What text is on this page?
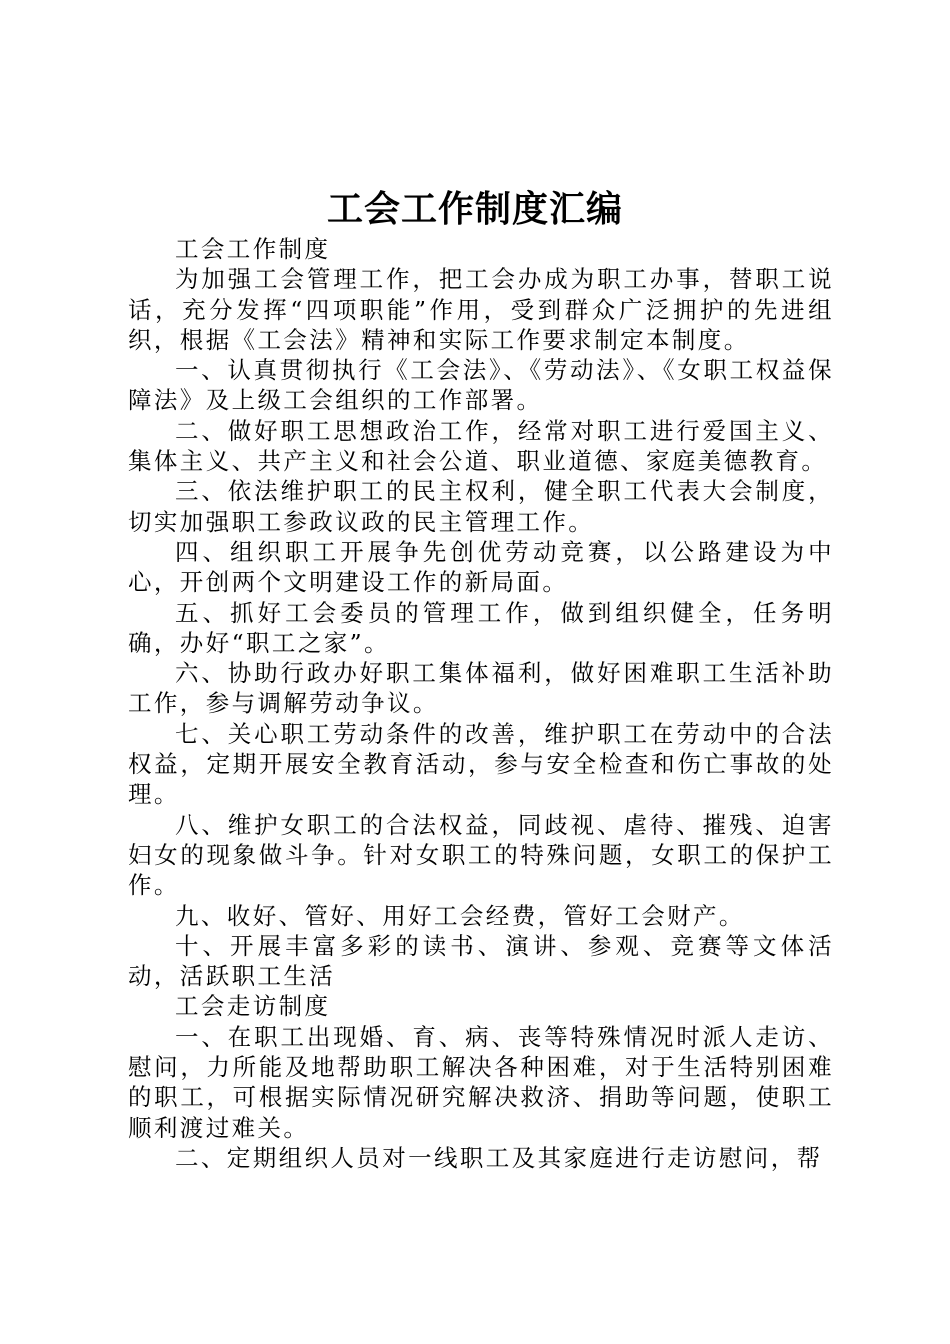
工会工作制度汇编

工会工作制度

为加强工会管理工作，把工会办成为职工办事，替职工说话，充分发挥“四项职能”作用，受到群众广泛拥护的先进组织，根据《工会法》精神和实际工作要求制定本制度。

一、认真贯彻执行《工会法》、《劳动法》、《女职工权益保障法》及上级工会组织的工作部署。

二、做好职工思想政治工作，经常对职工进行爱国主义、集体主义、共产主义和社会公道、职业道德、家庭美德教育。

三、依法维护职工的民主权利，健全职工代表大会制度，切实加强职工参政议政的民主管理工作。

四、组织职工开展争先创优劳动竞赛，以公路建设为中心，开创两个文明建设工作的新局面。

五、抓好工会委员的管理工作，做到组织健全，任务明确，办好“职工之家”。

六、协助行政办好职工集体福利，做好困难职工生活补助工作，参与调解劳动争议。

七、关心职工劳动条件的改善，维护职工在劳动中的合法权益，定期开展安全教育活动，参与安全检查和伤亡事故的处理。

八、维护女职工的合法权益，同歧视、虐待、摧残、迫害妇女的现象做斗争。针对女职工的特殊问题，女职工的保护工作。

九、收好、管好、用好工会经费，管好工会财产。

十、开展丰富多彩的读书、演讲、参观、竞赛等文体活动，活跃职工生活

工会走访制度

一、在职工出现婚、育、病、丧等特殊情况时派人走访、慰问，力所能及地帮助职工解决各种困难，对于生活特别困难的职工，可根据实际情况研究解决救济、捐助等问题，使职工顺利渡过难关。

二、定期组织人员对一线职工及其家庭进行走访慰问，帮
